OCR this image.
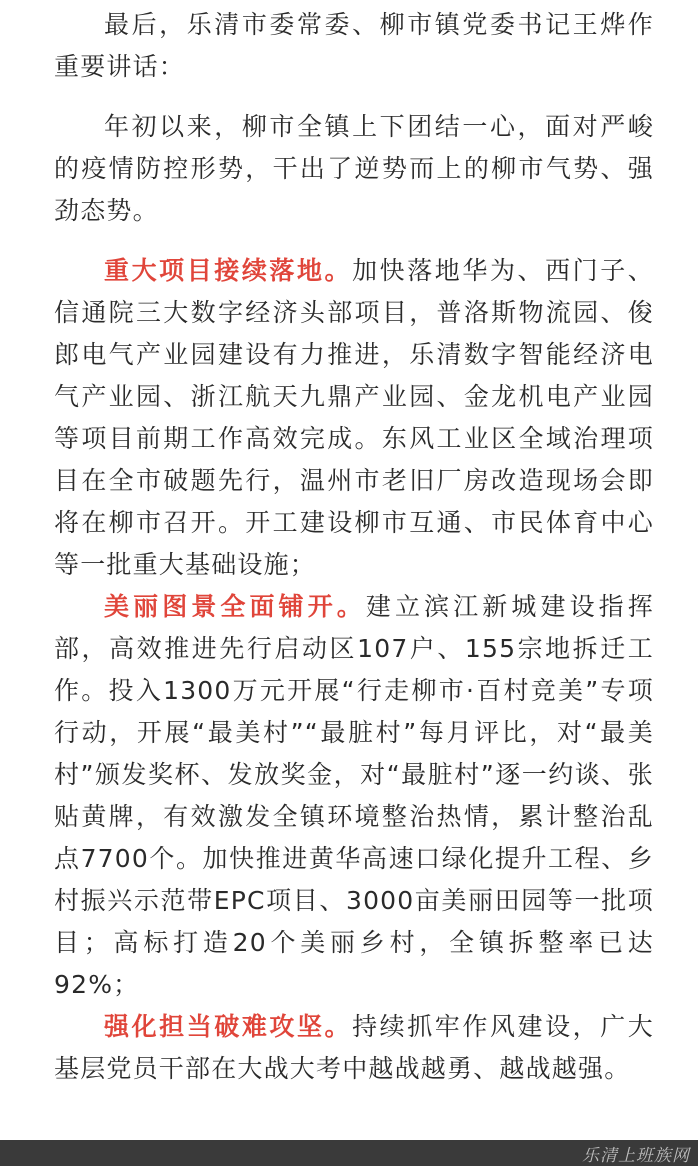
最后，乐清市委常委、柳市镇党委书记王烨作重要讲话：

年初以来，柳市全镇上下团结一心，面对严峻的疫情防控形势，干出了逆势而上的柳市气势、强劲态势。

重大项目接续落地。加快落地华为、西门子、信通院三大数字经济头部项目，普洛斯物流园、俊郎电气产业园建设有力推进，乐清数字智能经济电气产业园、浙江航天九鼎产业园、金龙机电产业园等项目前期工作高效完成。东风工业区全域治理项目在全市破题先行，温州市老旧厂房改造现场会即将在柳市召开。开工建设柳市互通、市民体育中心等一批重大基础设施；

美丽图景全面铺开。建立滨江新城建设指挥部，高效推进先行启动区107户、155宗地拆迁工作。投入1300万元开展“行走柳市·百村竞美”专项行动，开展“最美村”“最脏村”每月评比，对“最美村”颁发奖杯、发放奖金，对“最脏村”逐一约谈、张贴黄牌，有效激发全镇环境整治热情，累计整治乱点7700个。加快推进黄华高速口绿化提升工程、乡村振兴示范带EPC项目、3000亩美丽田园等一批项目；高标打造20个美丽乡村，全镇拆整率已达92%；

强化担当破难攻坚。持续抓牢作风建设，广大基层党员干部在大战大考中越战越勇、越战越强。

乐清上班族网
